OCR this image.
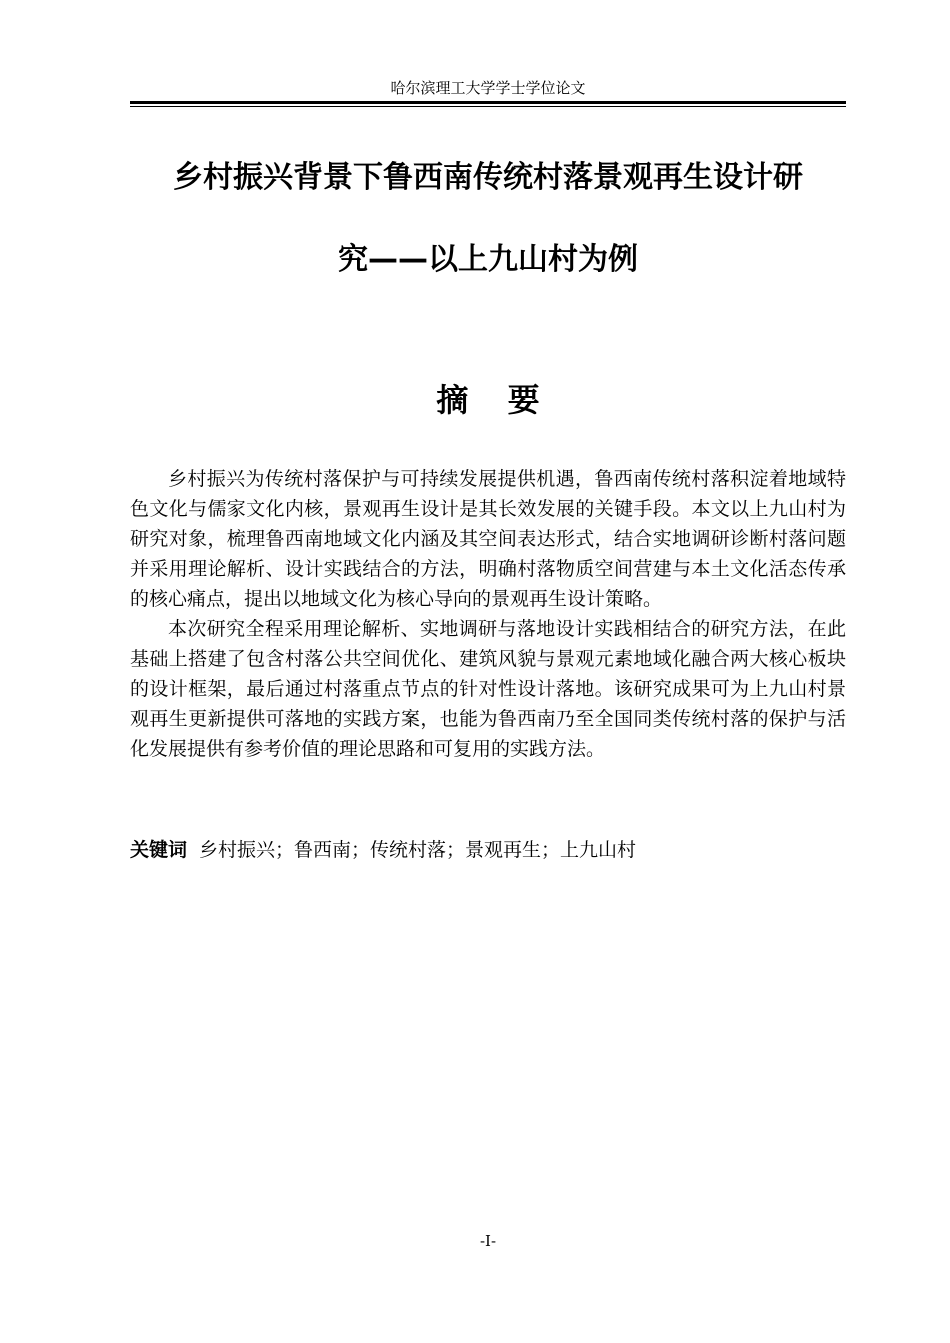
哈尔滨理工大学学士学位论文
乡村振兴背景下鲁西南传统村落景观再生设计研
究——以上九山村为例
摘 要

乡村振兴为传统村落保护与可持续发展提供机遇，鲁西南传统村落积淀着地域特色文化与儒家文化内核，景观再生设计是其长效发展的关键手段。本文以上九山村为研究对象，梳理鲁西南地域文化内涵及其空间表达形式，结合实地调研诊断村落问题并采用理论解析、设计实践结合的方法，明确村落物质空间营建与本土文化活态传承的核心痛点，提出以地域文化为核心导向的景观再生设计策略。

本次研究全程采用理论解析、实地调研与落地设计实践相结合的研究方法，在此基础上搭建了包含村落公共空间优化、建筑风貌与景观元素地域化融合两大核心板块的设计框架，最后通过村落重点节点的针对性设计落地。该研究成果可为上九山村景观再生更新提供可落地的实践方案，也能为鲁西南乃至全国同类传统村落的保护与活化发展提供有参考价值的理论思路和可复用的实践方法。

关键词 乡村振兴；鲁西南；传统村落；景观再生；上九山村
-I-
